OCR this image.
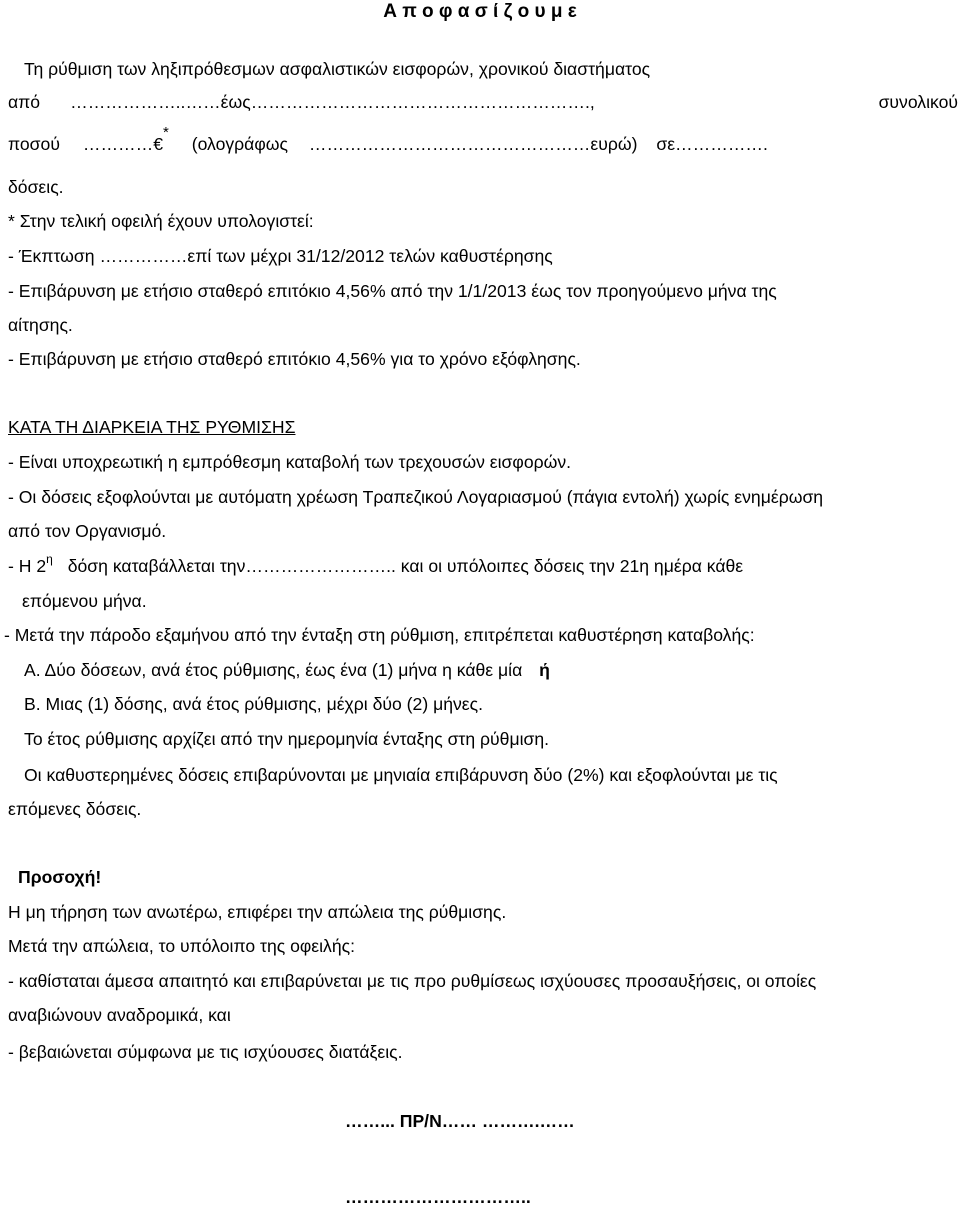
Α π ο φ α σ ί ζ ο υ μ ε
Τη ρύθμιση των ληξιπρόθεσμων ασφαλιστικών εισφορών, χρονικού διαστήματος
από ………………..……έως………………………………………………….,	συνολικού
ποσού …………€* (ολογράφως …………………………………………ευρώ) σε…………….
δόσεις.
* Στην τελική οφειλή έχουν υπολογιστεί:
- Έκπτωση ……………επί των μέχρι 31/12/2012 τελών καθυστέρησης
- Επιβάρυνση με ετήσιο σταθερό επιτόκιο 4,56% από την 1/1/2013 έως τον προηγούμενο μήνα της
αίτησης.
- Επιβάρυνση με ετήσιο σταθερό επιτόκιο 4,56% για το χρόνο εξόφλησης.
ΚΑΤΑ ΤΗ ΔΙΑΡΚΕΙΑ ΤΗΣ ΡΥΘΜΙΣΗΣ
- Είναι υποχρεωτική η εμπρόθεσμη καταβολή των τρεχουσών εισφορών.
- Οι δόσεις εξοφλούνται με αυτόματη χρέωση Τραπεζικού Λογαριασμού (πάγια εντολή) χωρίς ενημέρωση
από τον Οργανισμό.
- Η $2^\eta$ δόση καταβάλλεται την…………………….. και οι υπόλοιπες δόσεις την 21η ημέρα κάθε
επόμενου μήνα.
- Μετά την πάροδο εξαμήνου από την ένταξη στη ρύθμιση, επιτρέπεται καθυστέρηση καταβολής:
Α. Δύο δόσεων, ανά έτος ρύθμισης, έως ένα (1) μήνα η κάθε μία ή
Β. Μιας (1) δόσης, ανά έτος ρύθμισης, μέχρι δύο (2) μήνες.
Το έτος ρύθμισης αρχίζει από την ημερομηνία ένταξης στη ρύθμιση.
Οι καθυστερημένες δόσεις επιβαρύνονται με μηνιαία επιβάρυνση δύο (2%) και εξοφλούνται με τις
επόμενες δόσεις.
Προσοχή!
Η μη τήρηση των ανωτέρω, επιφέρει την απώλεια της ρύθμισης.
Μετά την απώλεια, το υπόλοιπο της οφειλής:
- καθίσταται άμεσα απαιτητό και επιβαρύνεται με τις προ ρυθμίσεως ισχύουσες προσαυξήσεις, οι οποίες
αναβιώνουν αναδρομικά, και
- βεβαιώνεται σύμφωνα με τις ισχύουσες διατάξεις.
……... ΠΡ/Ν…… ……….……
…………………………..
